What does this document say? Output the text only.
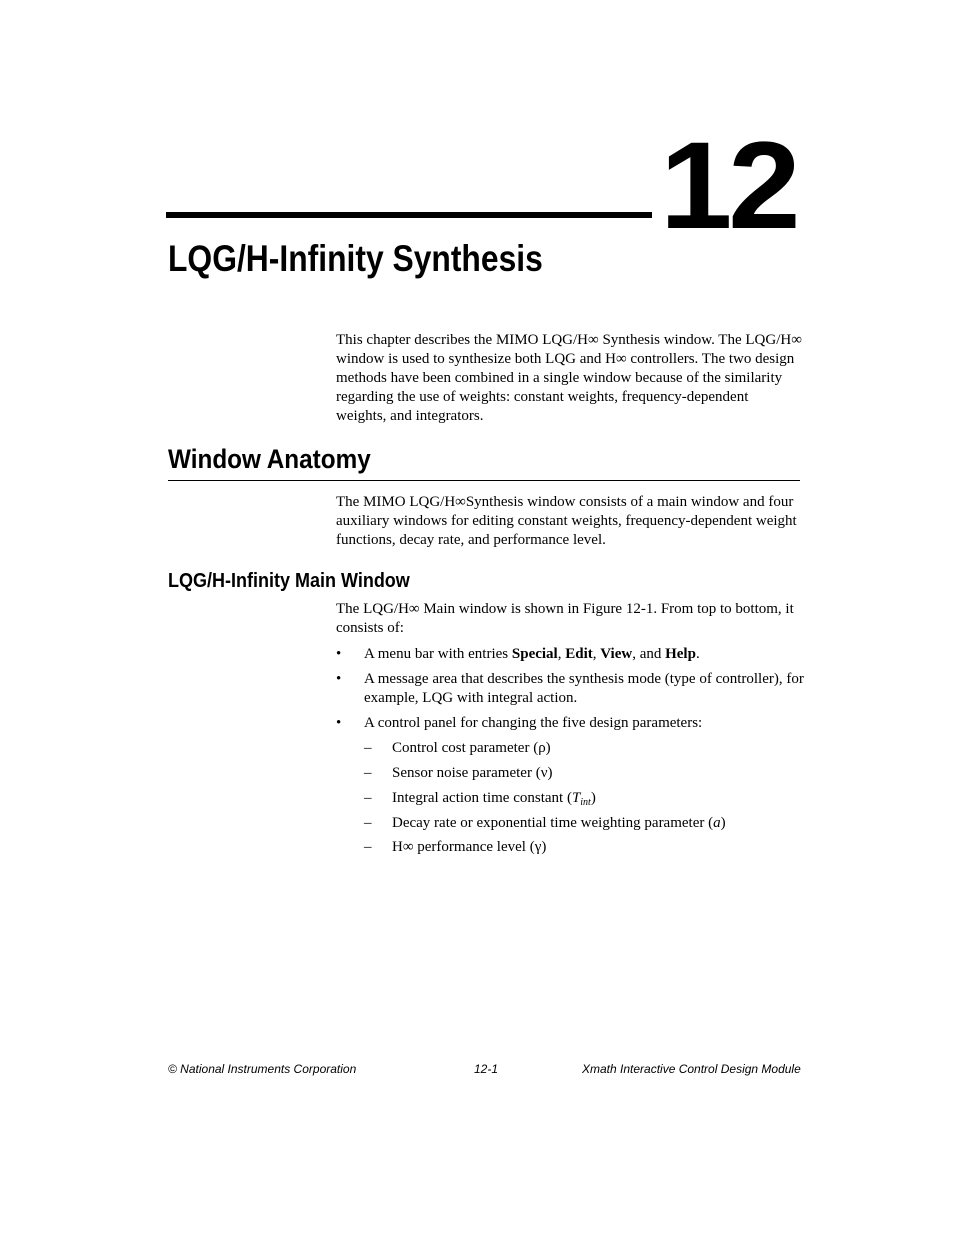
12
LQG/H-Infinity Synthesis
This chapter describes the MIMO LQG/H∞ Synthesis window. The LQG/H∞ window is used to synthesize both LQG and H∞ controllers. The two design methods have been combined in a single window because of the similarity regarding the use of weights: constant weights, frequency-dependent weights, and integrators.
Window Anatomy
The MIMO LQG/H∞Synthesis window consists of a main window and four auxiliary windows for editing constant weights, frequency-dependent weight functions, decay rate, and performance level.
LQG/H-Infinity Main Window
The LQG/H∞ Main window is shown in Figure 12-1. From top to bottom, it consists of:
• A menu bar with entries Special, Edit, View, and Help.
• A message area that describes the synthesis mode (type of controller), for example, LQG with integral action.
• A control panel for changing the five design parameters:
– Control cost parameter (ρ)
– Sensor noise parameter (ν)
– Integral action time constant $(T_{int})$
– Decay rate or exponential time weighting parameter (a)
– H∞ performance level (γ)
© National Instruments Corporation	12-1	Xmath Interactive Control Design Module
